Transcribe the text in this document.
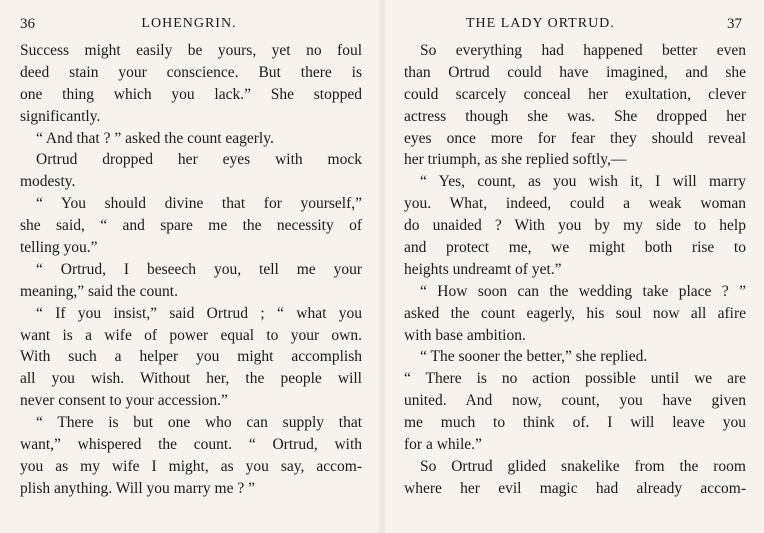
36	LOHENGRIN.
Success might easily be yours, yet no foul
deed stain your conscience. But there is
one thing which you lack.” She stopped
significantly.
“ And that ? ” asked the count eagerly.
Ortrud dropped her eyes with mock
modesty.
“ You should divine that for yourself,”
she said, “ and spare me the necessity of
telling you.”
“ Ortrud, I beseech you, tell me your
meaning,” said the count.
“ If you insist,” said Ortrud ; “ what you
want is a wife of power equal to your own.
With such a helper you might accomplish
all you wish. Without her, the people will
never consent to your accession.”
“ There is but one who can supply that
want,” whispered the count. “ Ortrud, with
you as my wife I might, as you say, accom-
plish anything. Will you marry me ? ”
THE LADY ORTRUD.	37
So everything had happened better even
than Ortrud could have imagined, and she
could scarcely conceal her exultation, clever
actress though she was. She dropped her
eyes once more for fear they should reveal
her triumph, as she replied softly,—
“ Yes, count, as you wish it, I will marry
you. What, indeed, could a weak woman
do unaided ? With you by my side to help
and protect me, we might both rise to
heights undreamt of yet.”
“ How soon can the wedding take place ? ”
asked the count eagerly, his soul now all afire
with base ambition.
“ The sooner the better,” she replied.
“ There is no action possible until we are
united. And now, count, you have given
me much to think of. I will leave you
for a while.”
So Ortrud glided snakelike from the room
where her evil magic had already accom-
